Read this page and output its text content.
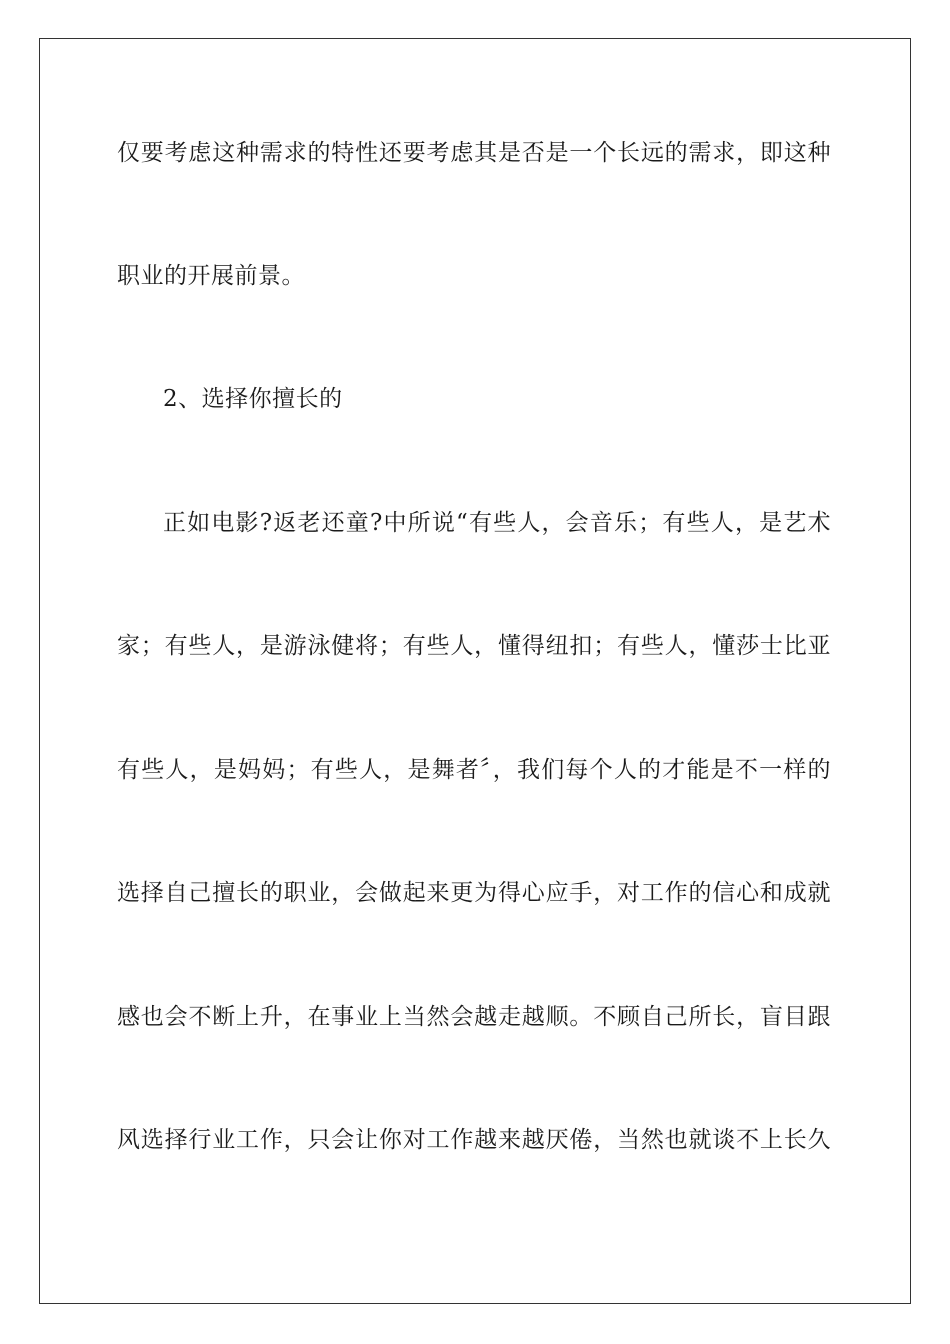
仅要考虑这种需求的特性还要考虑其是否是一个长远的需求，即这种
职业的开展前景。
2、选择你擅长的
正如电影?返老还童?中所说“有些人，会音乐；有些人，是艺术
家；有些人，是游泳健将；有些人，懂得纽扣；有些人，懂莎士比亚
有些人，是妈妈；有些人，是舞者〞，我们每个人的才能是不一样的
选择自己擅长的职业，会做起来更为得心应手，对工作的信心和成就
感也会不断上升，在事业上当然会越走越顺。不顾自己所长，盲目跟
风选择行业工作，只会让你对工作越来越厌倦，当然也就谈不上长久
